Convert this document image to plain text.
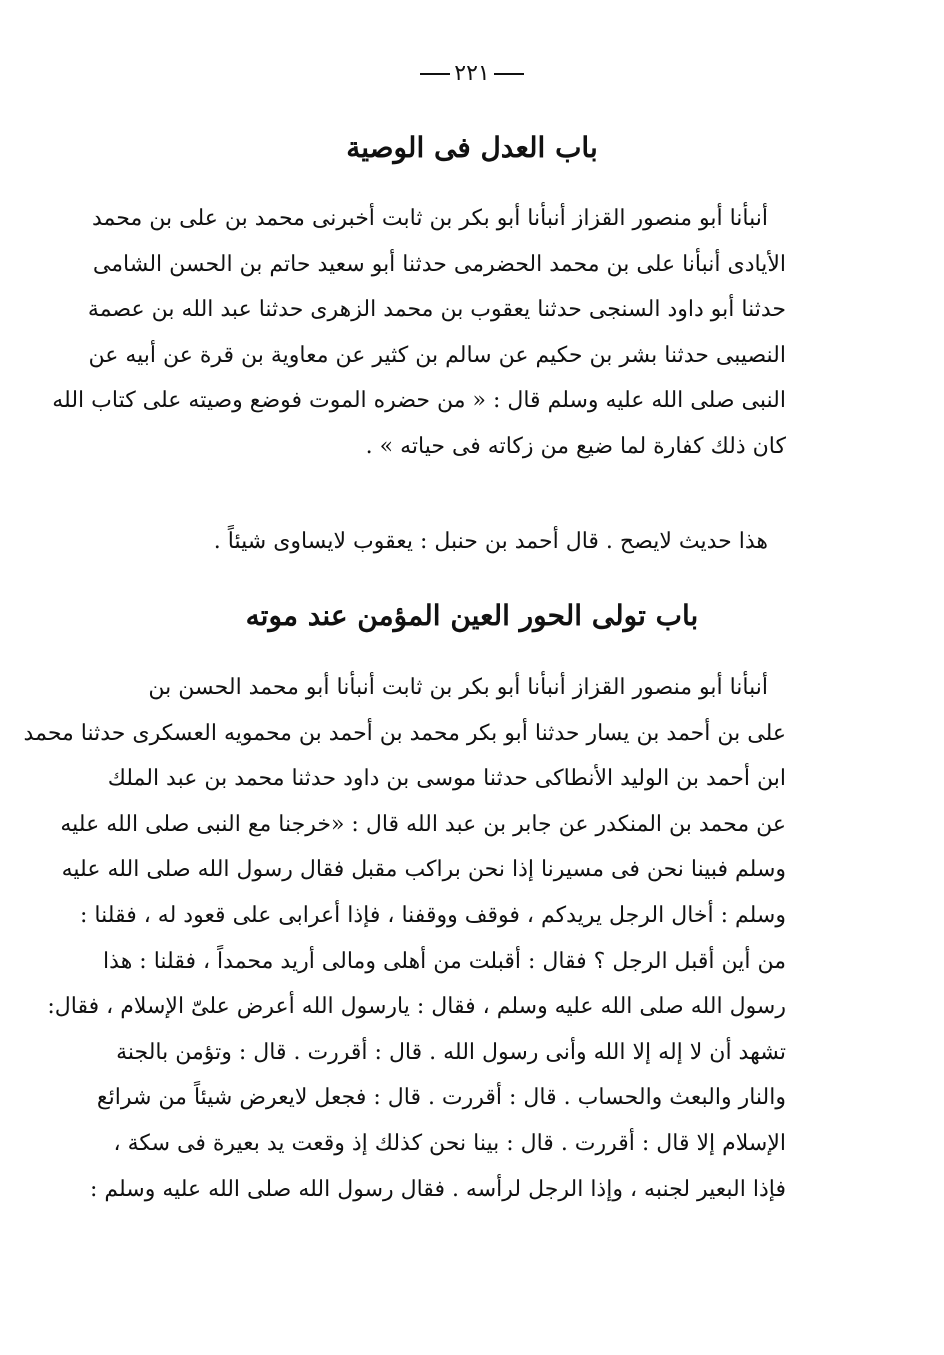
٢٢١
باب العدل فى الوصية
أنبأنا أبو منصور القزاز أنبأنا أبو بكر بن ثابت أخبرنى محمد بن على بن محمد
الأيادى أنبأنا على بن محمد الحضرمى حدثنا أبو سعيد حاتم بن الحسن الشامى
حدثنا أبو داود السنجى حدثنا يعقوب بن محمد الزهرى حدثنا عبد الله بن عصمة
النصيبى حدثنا بشر بن حكيم عن سالم بن كثير عن معاوية بن قرة عن أبيه عن
النبى صلى الله عليه وسلم قال : « من حضره الموت فوضع وصيته على كتاب الله
كان ذلك كفارة لما ضيع من زكاته فى حياته » .
هذا حديث لايصح . قال أحمد بن حنبل : يعقوب لايساوى شيئاً .
باب تولى الحور العين المؤمن عند موته
أنبأنا أبو منصور القزاز أنبأنا أبو بكر بن ثابت أنبأنا أبو محمد الحسن بن
على بن أحمد بن يسار حدثنا أبو بكر محمد بن أحمد بن محمويه العسكرى حدثنا محمد
ابن أحمد بن الوليد الأنطاكى حدثنا موسى بن داود حدثنا محمد بن عبد الملك
عن محمد بن المنكدر عن جابر بن عبد الله قال : «خرجنا مع النبى صلى الله عليه
وسلم فبينا نحن فى مسيرنا إذا نحن براكب مقبل فقال رسول الله صلى الله عليه
وسلم : أخال الرجل يريدكم ، فوقف ووقفنا ، فإذا أعرابى على قعود له ، فقلنا :
من أين أقبل الرجل ؟ فقال : أقبلت من أهلى ومالى أريد محمداً ، فقلنا : هذا
رسول الله صلى الله عليه وسلم ، فقال : يارسول الله أعرض علىّ الإسلام ، فقال:
تشهد أن لا إله إلا الله وأنى رسول الله . قال : أقررت . قال : وتؤمن بالجنة
والنار والبعث والحساب . قال : أقررت . قال : فجعل لايعرض شيئاً من شرائع
الإسلام إلا قال : أقررت . قال : بينا نحن كذلك إذ وقعت يد بعيرة فى سكة ،
فإذا البعير لجنبه ، وإذا الرجل لرأسه . فقال رسول الله صلى الله عليه وسلم :
